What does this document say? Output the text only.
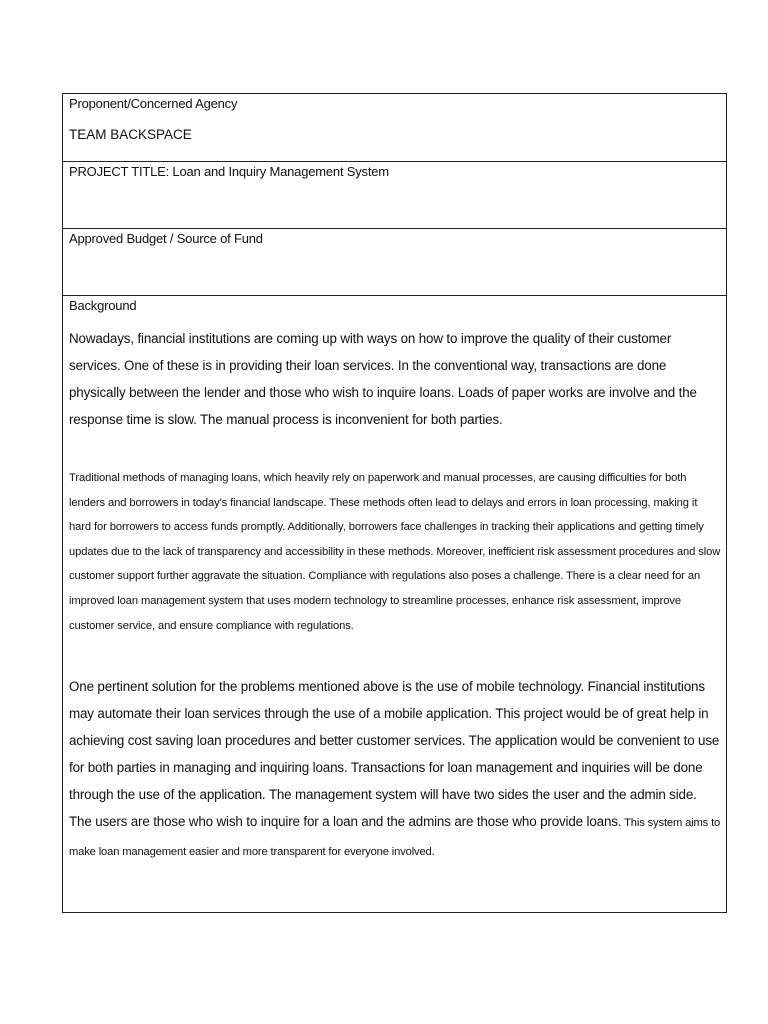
Proponent/Concerned Agency
TEAM BACKSPACE
PROJECT TITLE: Loan and Inquiry Management System
Approved Budget / Source of Fund
Background

Nowadays, financial institutions are coming up with ways on how to improve the quality of their customer services. One of these is in providing their loan services. In the conventional way, transactions are done physically between the lender and those who wish to inquire loans. Loads of paper works are involve and the response time is slow. The manual process is inconvenient for both parties.

Traditional methods of managing loans, which heavily rely on paperwork and manual processes, are causing difficulties for both lenders and borrowers in today's financial landscape. These methods often lead to delays and errors in loan processing, making it hard for borrowers to access funds promptly. Additionally, borrowers face challenges in tracking their applications and getting timely updates due to the lack of transparency and accessibility in these methods. Moreover, inefficient risk assessment procedures and slow customer support further aggravate the situation. Compliance with regulations also poses a challenge. There is a clear need for an improved loan management system that uses modern technology to streamline processes, enhance risk assessment, improve customer service, and ensure compliance with regulations.

One pertinent solution for the problems mentioned above is the use of mobile technology. Financial institutions may automate their loan services through the use of a mobile application. This project would be of great help in achieving cost saving loan procedures and better customer services. The application would be convenient to use for both parties in managing and inquiring loans. Transactions for loan management and inquiries will be done through the use of the application. The management system will have two sides the user and the admin side. The users are those who wish to inquire for a loan and the admins are those who provide loans. This system aims to make loan management easier and more transparent for everyone involved.
